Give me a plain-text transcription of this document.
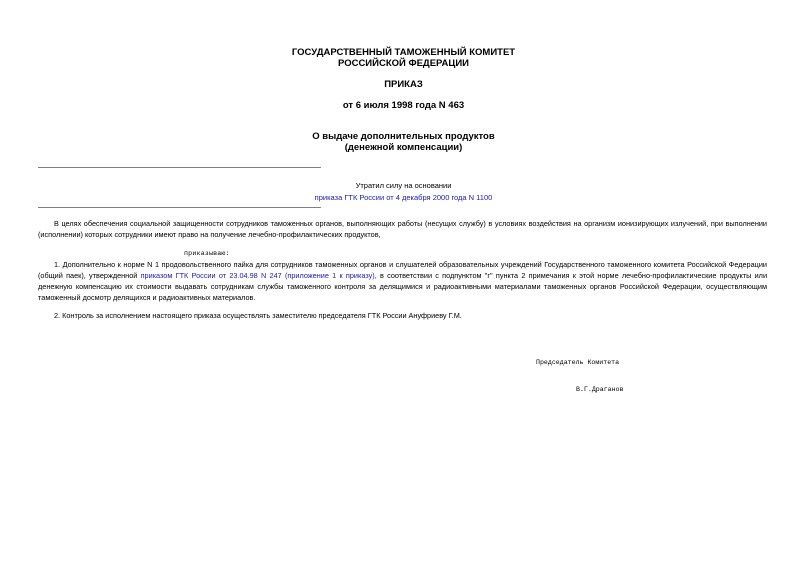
ГОСУДАРСТВЕННЫЙ ТАМОЖЕННЫЙ КОМИТЕТ
РОССИЙСКОЙ ФЕДЕРАЦИИ
ПРИКАЗ
от 6 июля 1998 года N 463
О выдаче дополнительных продуктов
(денежной компенсации)
Утратил силу на основании
приказа ГТК России от 4 декабря 2000 года N 1100
В целях обеспечения социальной защищенности сотрудников таможенных органов, выполняющих работы (несущих службу) в условиях воздействия на организм ионизирующих излучений, при выполнении (исполнении) которых сотрудники имеют право на получение лечебно-профилактических продуктов,
приказываю:
1. Дополнительно к норме N 1 продовольственного пайка для сотрудников таможенных органов и слушателей образовательных учреждений Государственного таможенного комитета Российской Федерации (общий паек), утвержденной приказом ГТК России от 23.04.98 N 247 (приложение 1 к приказу), в соответствии с подпунктом "г" пункта 2 примечания к этой норме лечебно-профилактические продукты или денежную компенсацию их стоимости выдавать сотрудникам службы таможенного контроля за делящимися и радиоактивными материалами таможенных органов Российской Федерации, осуществляющим таможенный досмотр делящихся и радиоактивных материалов.
2. Контроль за исполнением настоящего приказа осуществлять заместителю председателя ГТК России Ануфриеву Г.М.

Председатель Комитета

В.Г.Драганов
